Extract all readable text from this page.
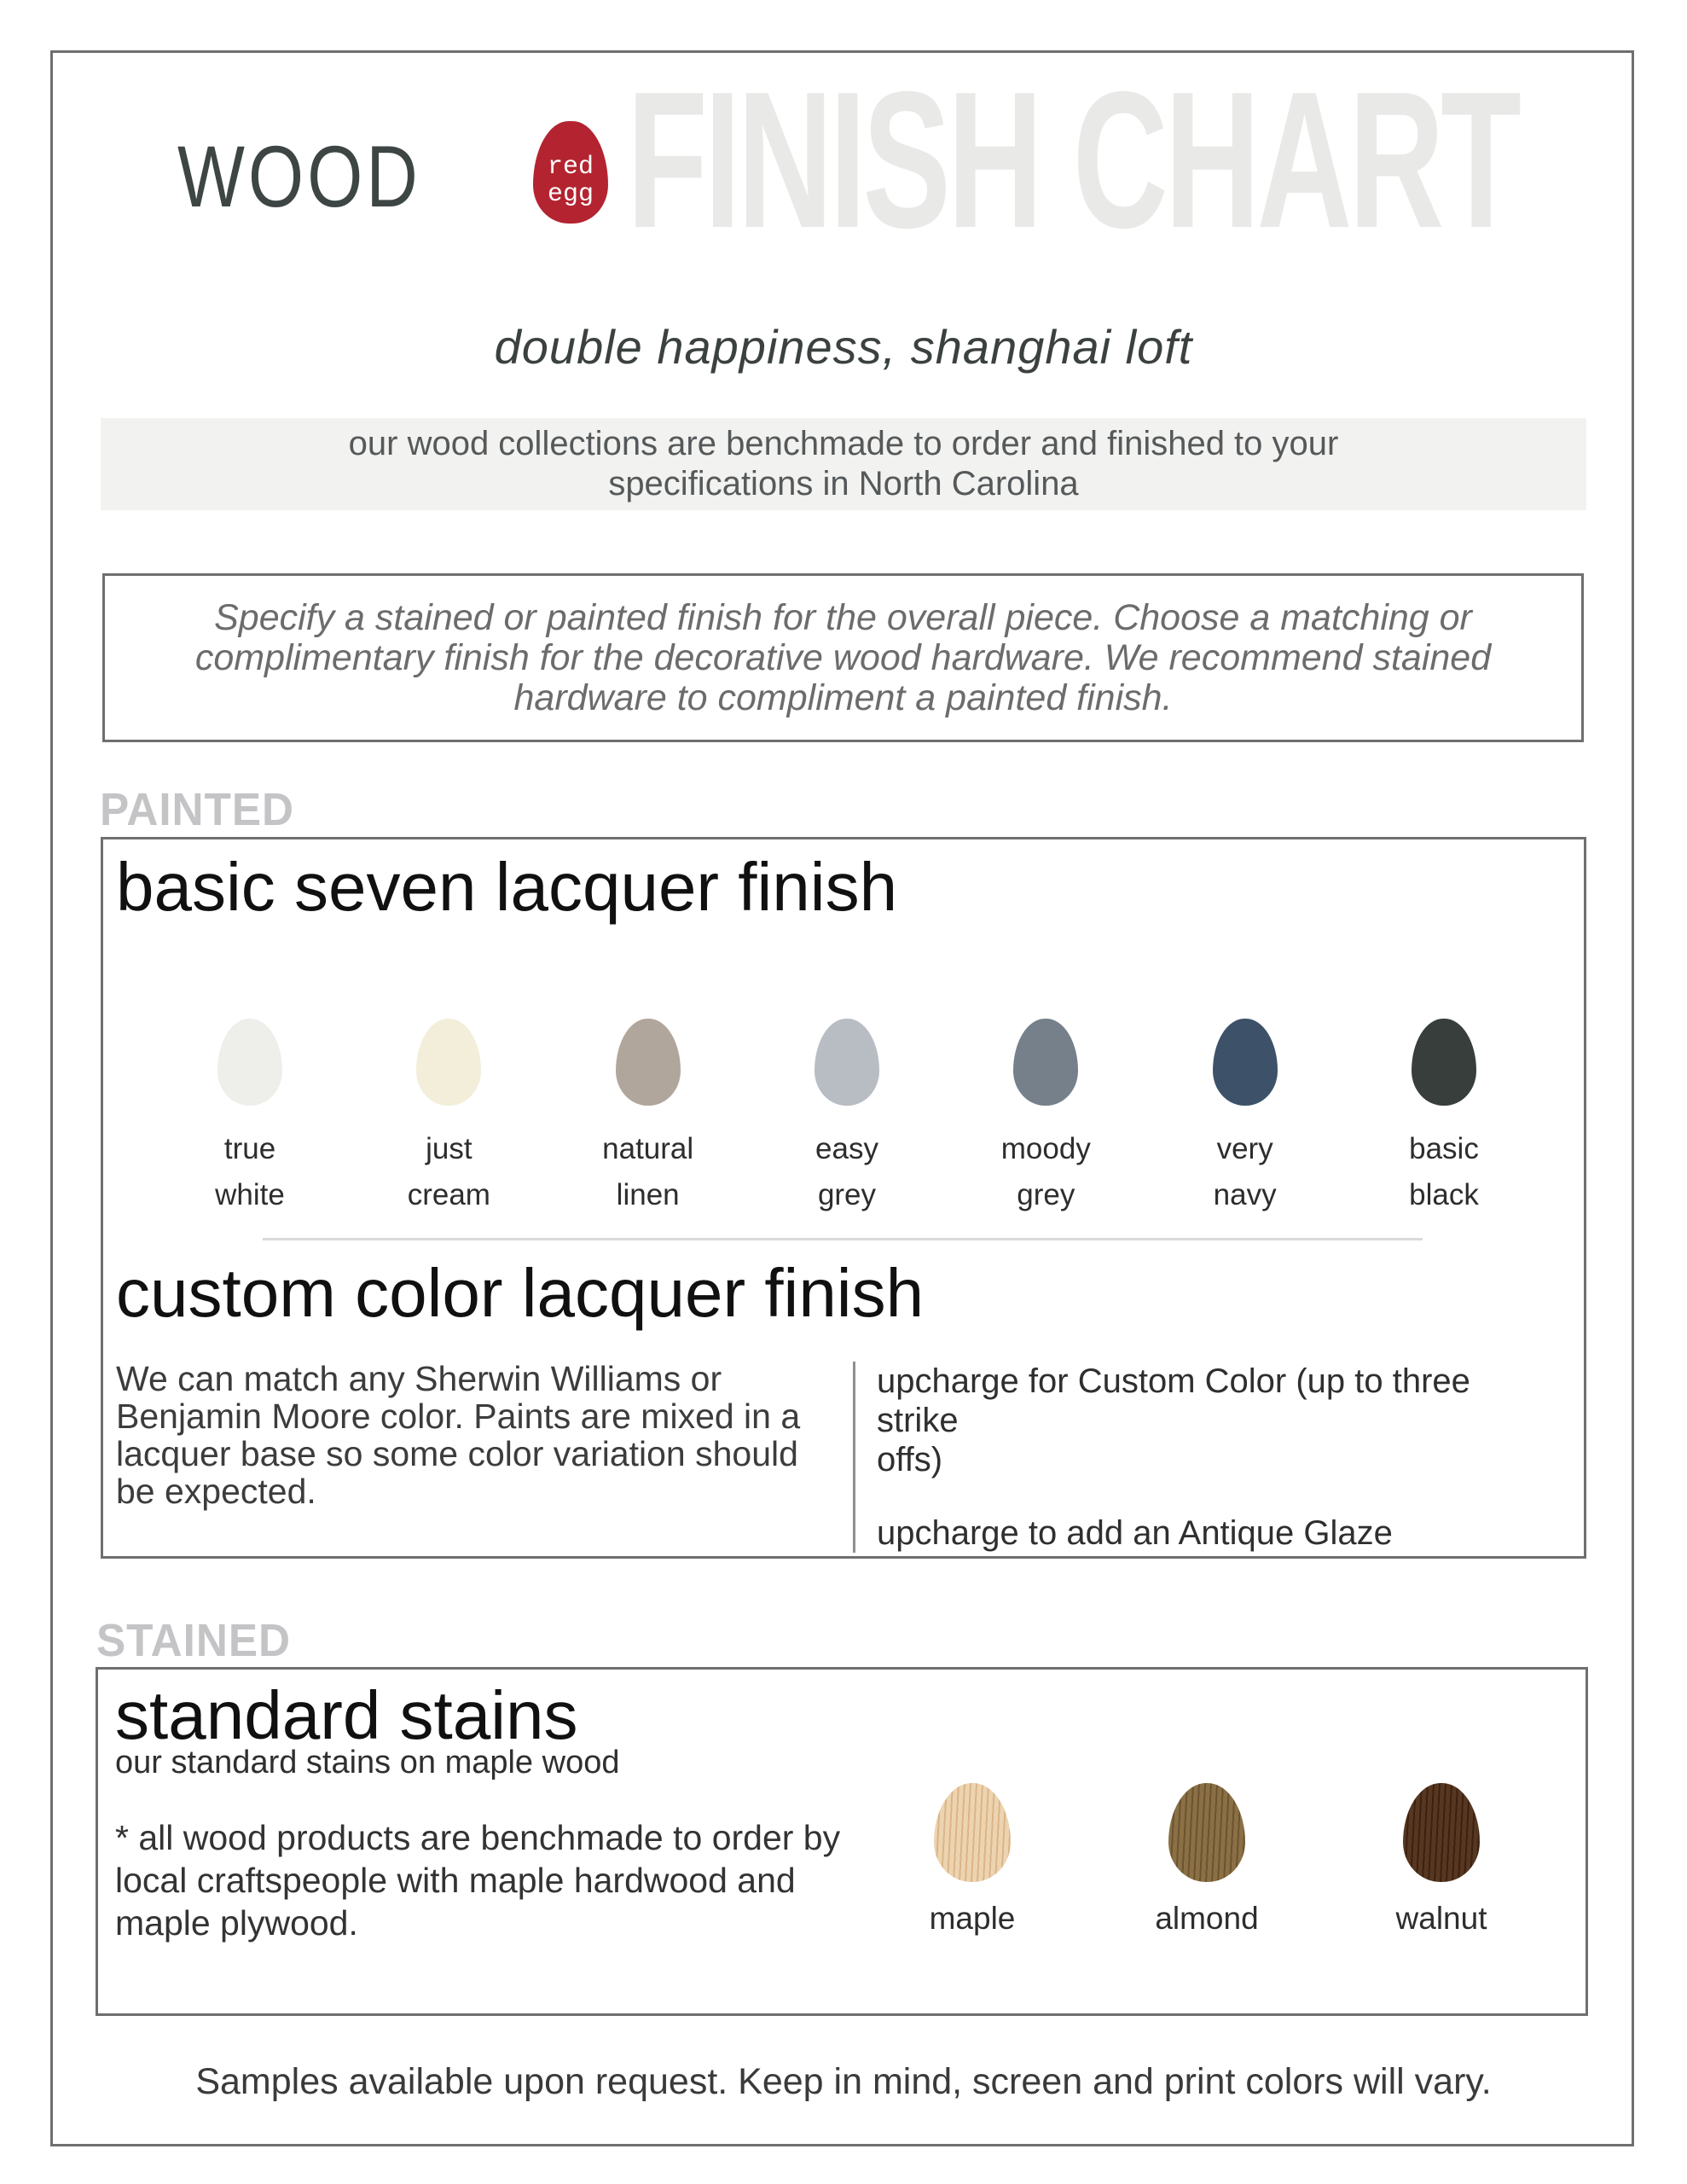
WOOD	red
egg FINISH CHART
double happiness, shanghai loft
our wood collections are benchmade to order and finished to your
specifications in North Carolina
Specify a stained or painted finish for the overall piece. Choose a matching or
complimentary finish for the decorative wood hardware. We recommend stained
hardware to compliment a painted finish.
PAINTED
basic seven lacquer finish
true
white
just
cream
natural
linen
easy
grey
moody
grey
very
navy
basic
black
custom color lacquer finish
We can match any Sherwin Williams or
Benjamin Moore color. Paints are mixed in a
lacquer base so some color variation should
be expected.
upcharge for Custom Color (up to three strike
offs)
upcharge to add an Antique Glaze
STAINED
standard stains
our standard stains on maple wood
* all wood products are benchmade to order by
local craftspeople with maple hardwood and
maple plywood.	maple	almond	walnut
Samples available upon request. Keep in mind, screen and print colors will vary.
